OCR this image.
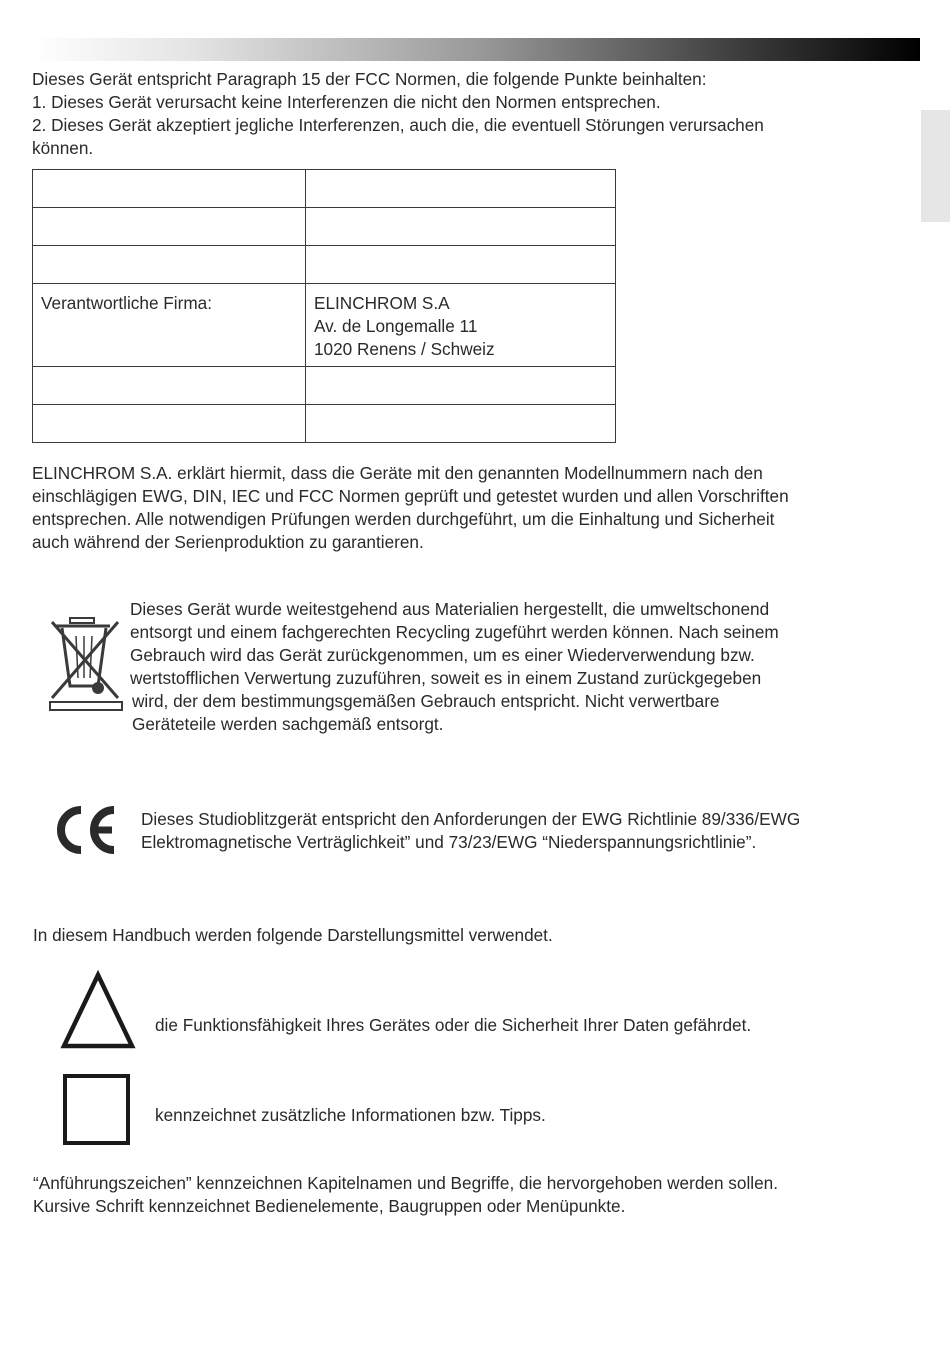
Dieses Gerät entspricht Paragraph 15 der FCC Normen, die folgende Punkte beinhalten:
1. Dieses Gerät verursacht keine Interferenzen die nicht den Normen entsprechen.
2. Dieses Gerät akzeptiert jegliche Interferenzen, auch die, die eventuell Störungen verursachen
können.

Verantwortliche Firma:	ELINCHROM S.A
Av. de Longemalle 11
1020 Renens / Schweiz

ELINCHROM S.A. erklärt hiermit, dass die Geräte mit den genannten Modellnummern nach den
einschlägigen EWG, DIN, IEC und FCC Normen geprüft und getestet wurden und allen Vorschriften
entsprechen. Alle notwendigen Prüfungen werden durchgeführt, um die Einhaltung und Sicherheit
auch während der Serienproduktion zu garantieren.

Dieses Gerät wurde weitestgehend aus Materialien hergestellt, die umweltschonend
entsorgt und einem fachgerechten Recycling zugeführt werden können. Nach seinem
Gebrauch wird das Gerät zurückgenommen, um es einer Wiederverwendung bzw.
wertstofflichen Verwertung zuzuführen, soweit es in einem Zustand zurückgegeben
wird, der dem bestimmungsgemäßen Gebrauch entspricht. Nicht verwertbare
Geräteteile werden sachgemäß entsorgt.

Dieses Studioblitzgerät entspricht den Anforderungen der EWG Richtlinie 89/336/EWG
Elektromagnetische Verträglichkeit” und 73/23/EWG “Niederspannungsrichtlinie”.

In diesem Handbuch werden folgende Darstellungsmittel verwendet.

die Funktionsfähigkeit Ihres Gerätes oder die Sicherheit Ihrer Daten gefährdet.

kennzeichnet zusätzliche Informationen bzw. Tipps.

“Anführungszeichen” kennzeichnen Kapitelnamen und Begriffe, die hervorgehoben werden sollen.
Kursive Schrift kennzeichnet Bedienelemente, Baugruppen oder Menüpunkte.
